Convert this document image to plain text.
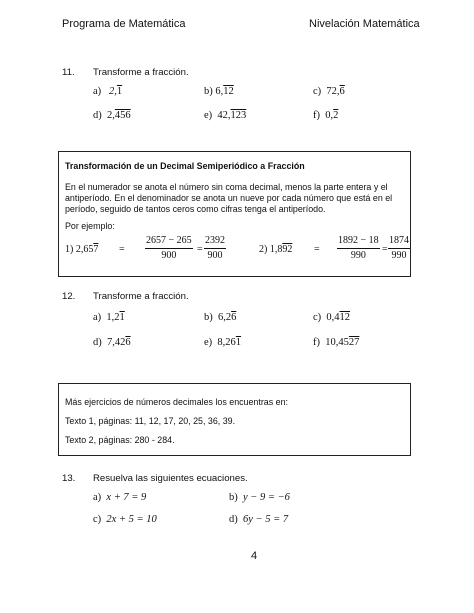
Programa de Matemática	Nivelación Matemática
11. Transforme a fracción.
a) 2,1	b) 6,12	c) 72,6
d) 2,456	e) 42,123	f) 0,2
Transformación de un Decimal Semiperiódico a Fracción
En el numerador se anota el número sin coma decimal, menos la parte entera y el
antiperíodo. En el denominador se anota un nueve por cada número que está en el
período, seguido de tantos ceros como cifras tenga el antiperíodo.
Por ejemplo:
1) $2,657 = \frac{2657 - 265}{900} = \frac{2392}{900}$	2) $1,892 = \frac{1892 - 18}{990} = \frac{1874}{990}$
12. Transforme a fracción.
a) 1,21	b) 6,26	c) 0,412
d) 7,426	e) 8,261	f) 10,4527
Más ejercicios de números decimales los encuentras en:
Texto 1, páginas: 11, 12, 17, 20, 25, 36, 39.
Texto 2, páginas: 280 - 284.
13. Resuelva las siguientes ecuaciones.
a) x + 7 = 9	b) y − 9 = −6
c) 2x + 5 = 10	d) 6y − 5 = 7
4
